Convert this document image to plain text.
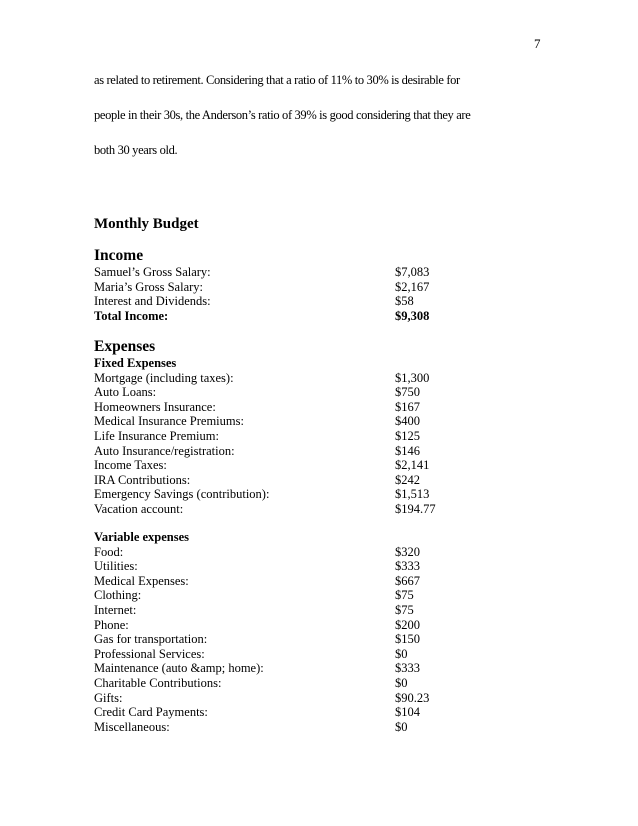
7

as related to retirement. Considering that a ratio of 11% to 30% is desirable for

people in their 30s, the Anderson’s ratio of 39% is good considering that they are

both 30 years old.

Monthly Budget
Income
Samuel’s Gross Salary:	$7,083
Maria’s Gross Salary:	$2,167
Interest and Dividends:	$58
Total Income:	$9,308
Expenses
Fixed Expenses
Mortgage (including taxes):	$1,300
Auto Loans:	$750
Homeowners Insurance:	$167
Medical Insurance Premiums:	$400
Life Insurance Premium:	$125
Auto Insurance/registration:	$146
Income Taxes:	$2,141
IRA Contributions:	$242
Emergency Savings (contribution):	$1,513
Vacation account:	$194.77
Variable expenses
Food:	$320
Utilities:	$333
Medical Expenses:	$667
Clothing:	$75
Internet:	$75
Phone:	$200
Gas for transportation:	$150
Professional Services:	$0
Maintenance (auto &amp; home):	$333
Charitable Contributions:	$0
Gifts:	$90.23
Credit Card Payments:	$104
Miscellaneous:	$0
